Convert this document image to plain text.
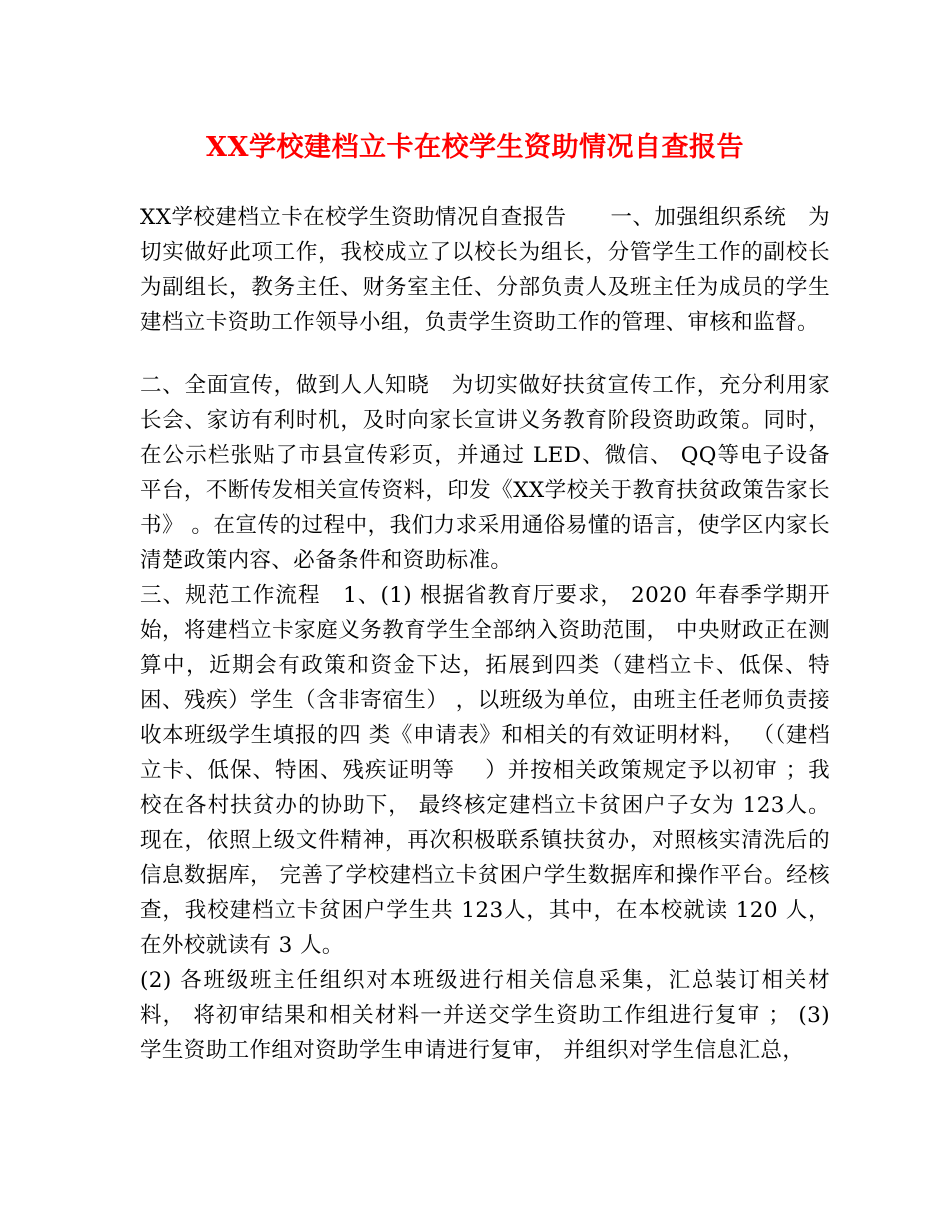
XX学校建档立卡在校学生资助情况自查报告

XX学校建档立卡在校学生资助情况自查报告　　一、加强组织系统　为切实做好此项工作，我校成立了以校长为组长，分管学生工作的副校长为副组长，教务主任、财务室主任、分部负责人及班主任为成员的学生建档立卡资助工作领导小组，负责学生资助工作的管理、审核和监督。

二、全面宣传，做到人人知晓　为切实做好扶贫宣传工作，充分利用家长会、家访有利时机，及时向家长宣讲义务教育阶段资助政策。同时，在公示栏张贴了市县宣传彩页，并通过 LED、微信、 QQ等电子设备平台，不断传发相关宣传资料，印发《XX学校关于教育扶贫政策告家长书》 。在宣传的过程中，我们力求采用通俗易懂的语言，使学区内家长清楚政策内容、必备条件和资助标准。

三、规范工作流程　1、(1) 根据省教育厅要求， 2020 年春季学期开始，将建档立卡家庭义务教育学生全部纳入资助范围， 中央财政正在测算中，近期会有政策和资金下达，拓展到四类（建档立卡、低保、特困、残疾）学生（含非寄宿生） ，以班级为单位，由班主任老师负责接收本班级学生填报的四 类《申请表》和相关的有效证明材料， （（建档立卡、低保、特困、残疾证明等　 ）并按相关政策规定予以初审 ；我校在各村扶贫办的协助下， 最终核定建档立卡贫困户子女为 123人。现在，依照上级文件精神，再次积极联系镇扶贫办，对照核实清洗后的信息数据库， 完善了学校建档立卡贫困户学生数据库和操作平台。经核查，我校建档立卡贫困户学生共 123人，其中，在本校就读 120 人，在外校就读有 3 人。

(2) 各班级班主任组织对本班级进行相关信息采集，汇总装订相关材料， 将初审结果和相关材料一并送交学生资助工作组进行复审 ； (3) 学生资助工作组对资助学生申请进行复审， 并组织对学生信息汇总，
